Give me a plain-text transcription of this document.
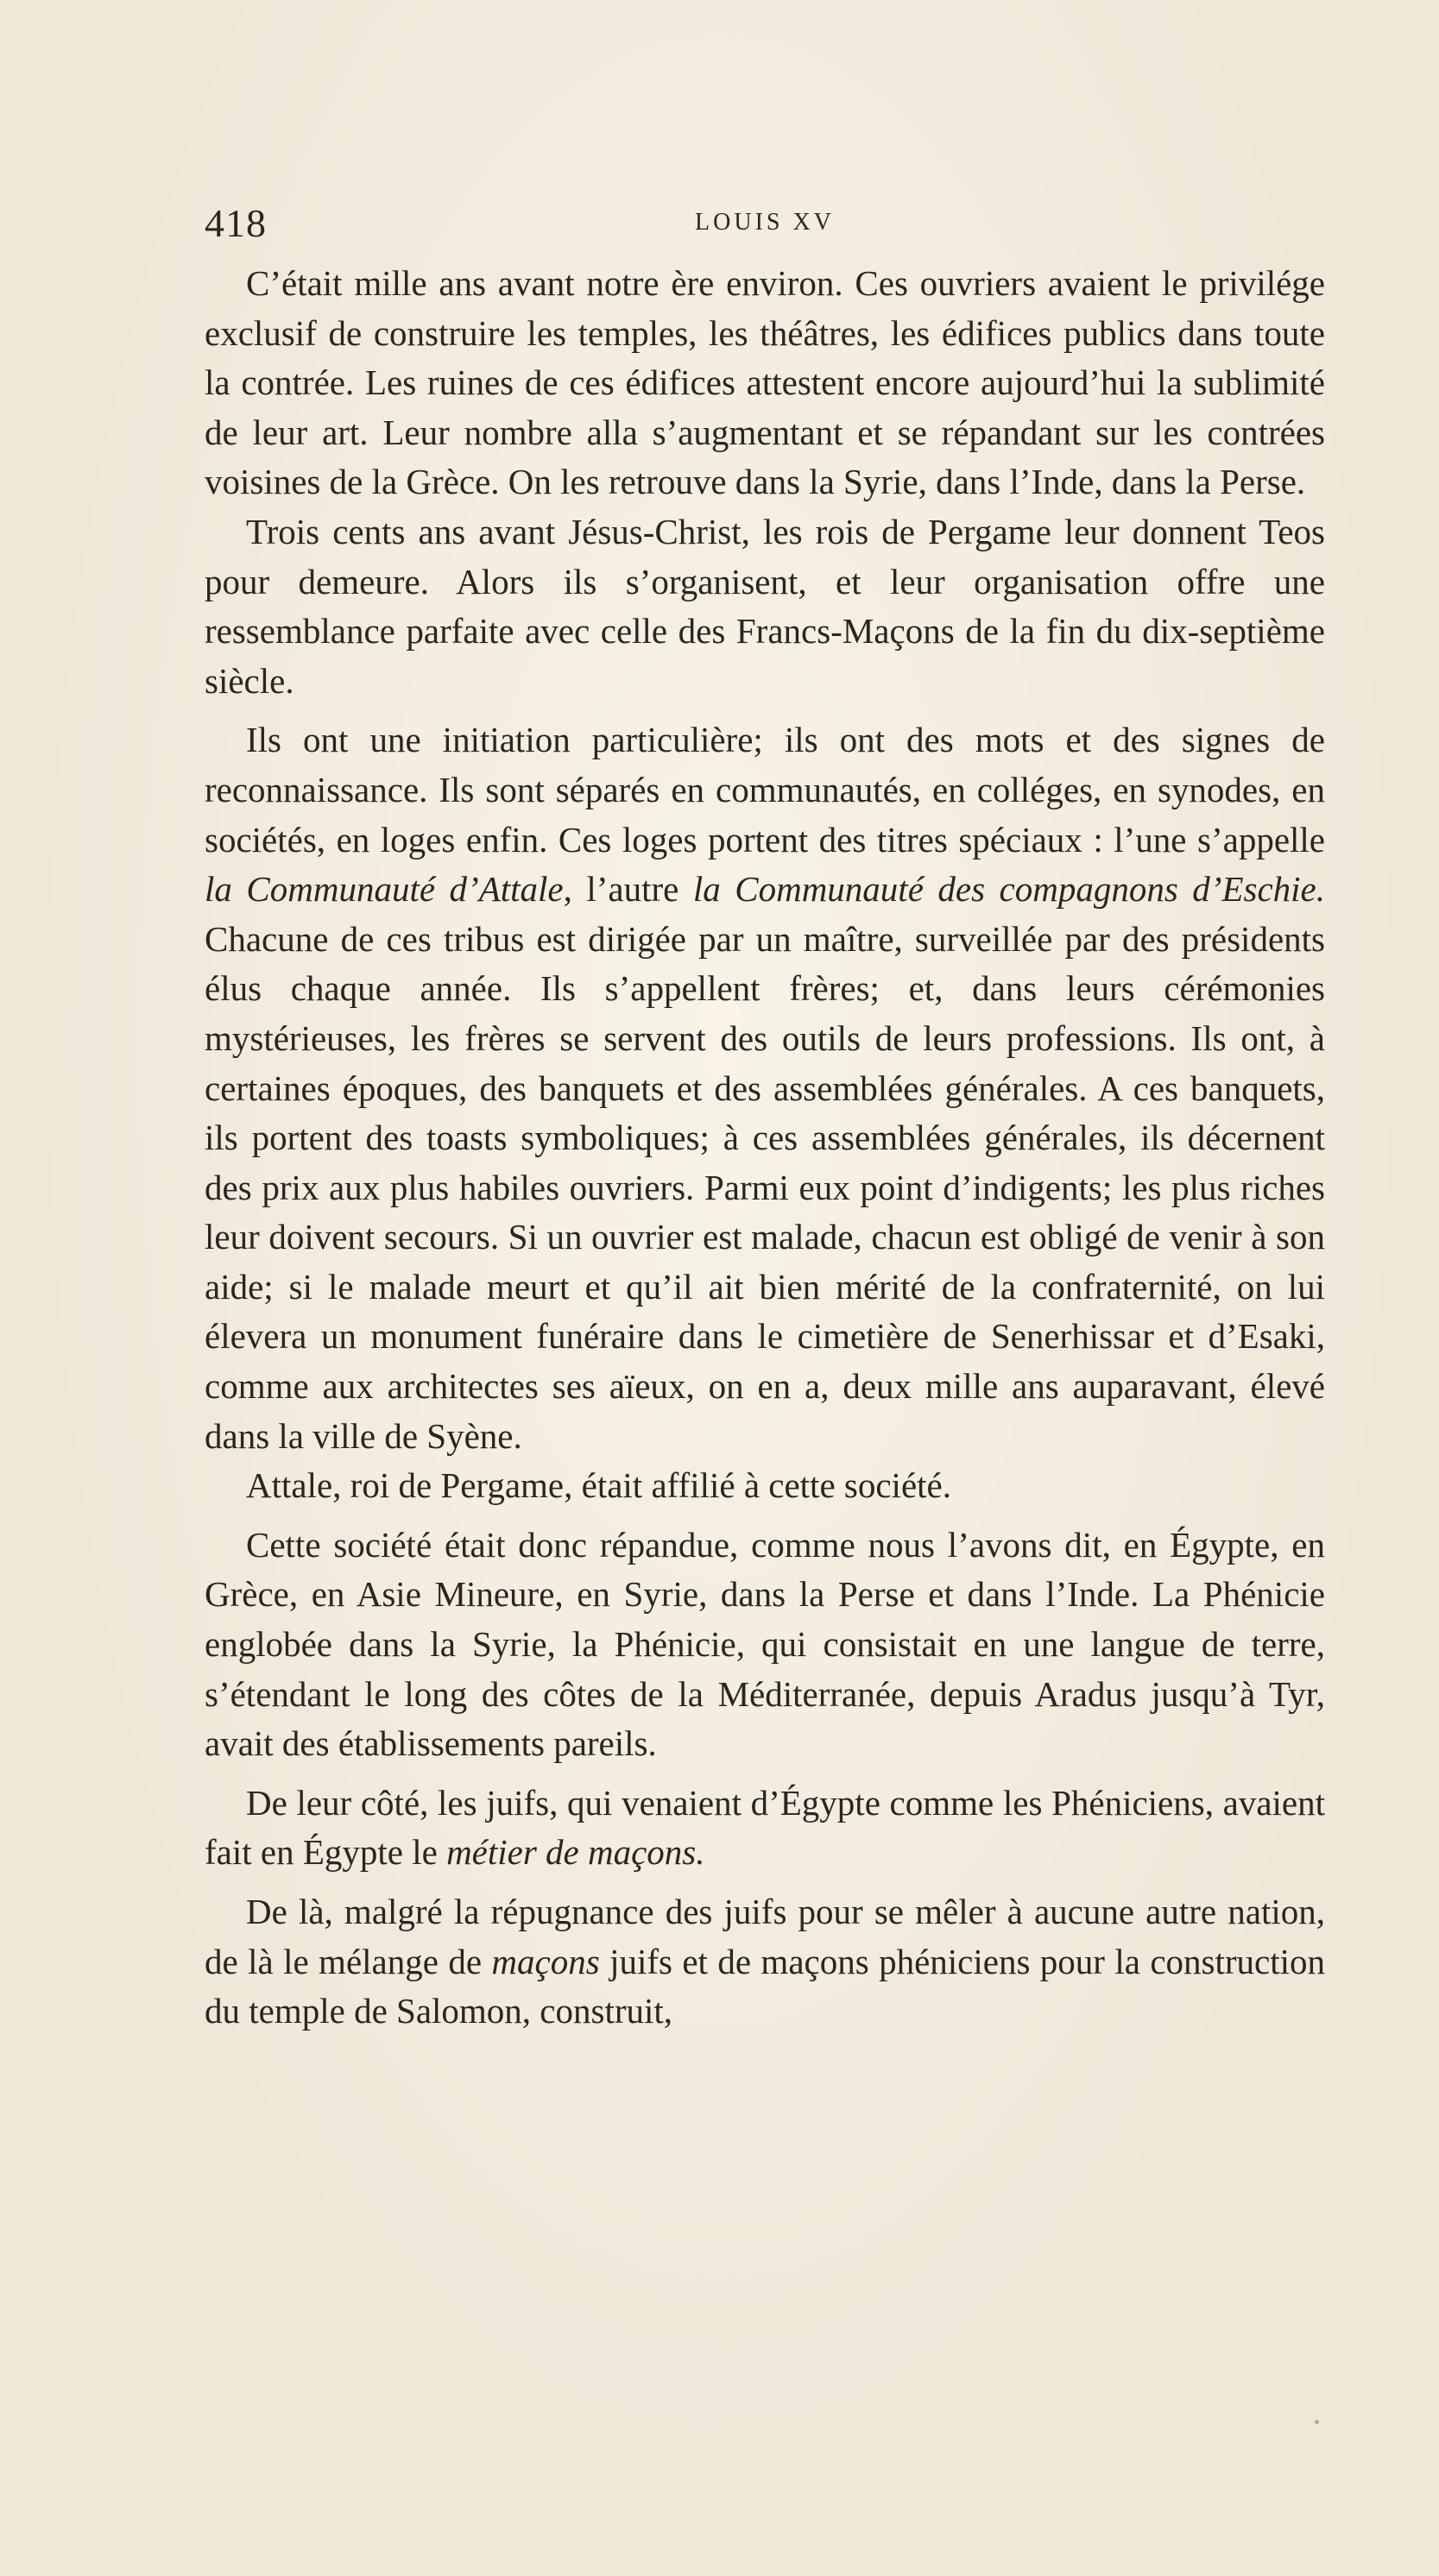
418	LOUIS XV

C’était mille ans avant notre ère environ. Ces ouvriers avaient le privilége exclusif de construire les temples, les théâtres, les édifices publics dans toute la contrée. Les ruines de ces édifices attestent encore aujourd’hui la sublimité de leur art. Leur nombre alla s’augmentant et se répandant sur les contrées voisines de la Grèce. On les retrouve dans la Syrie, dans l’Inde, dans la Perse.

Trois cents ans avant Jésus-Christ, les rois de Pergame leur donnent Teos pour demeure. Alors ils s’organisent, et leur organisation offre une ressemblance parfaite avec celle des Francs-Maçons de la fin du dix-septième siècle.

Ils ont une initiation particulière; ils ont des mots et des signes de reconnaissance. Ils sont séparés en communautés, en colléges, en synodes, en sociétés, en loges enfin. Ces loges portent des titres spéciaux : l’une s’appelle la Communauté d’Attale, l’autre la Communauté des compagnons d’Eschie. Chacune de ces tribus est dirigée par un maître, surveillée par des présidents élus chaque année. Ils s’appellent frères; et, dans leurs cérémonies mystérieuses, les frères se servent des outils de leurs professions. Ils ont, à certaines époques, des banquets et des assemblées générales. A ces banquets, ils portent des toasts symboliques; à ces assemblées générales, ils décernent des prix aux plus habiles ouvriers. Parmi eux point d’indigents; les plus riches leur doivent secours. Si un ouvrier est malade, chacun est obligé de venir à son aide; si le malade meurt et qu’il ait bien mérité de la confraternité, on lui élevera un monument funéraire dans le cimetière de Senerhissar et d’Esaki, comme aux architectes ses aïeux, on en a, deux mille ans auparavant, élevé dans la ville de Syène.

Attale, roi de Pergame, était affilié à cette société.

Cette société était donc répandue, comme nous l’avons dit, en Égypte, en Grèce, en Asie Mineure, en Syrie, dans la Perse et dans l’Inde. La Phénicie englobée dans la Syrie, la Phénicie, qui consistait en une langue de terre, s’étendant le long des côtes de la Méditerranée, depuis Aradus jusqu’à Tyr, avait des établissements pareils.

De leur côté, les juifs, qui venaient d’Égypte comme les Phéniciens, avaient fait en Égypte le métier de maçons.

De là, malgré la répugnance des juifs pour se mêler à aucune autre nation, de là le mélange de maçons juifs et de maçons phéniciens pour la construction du temple de Salomon, construit,
